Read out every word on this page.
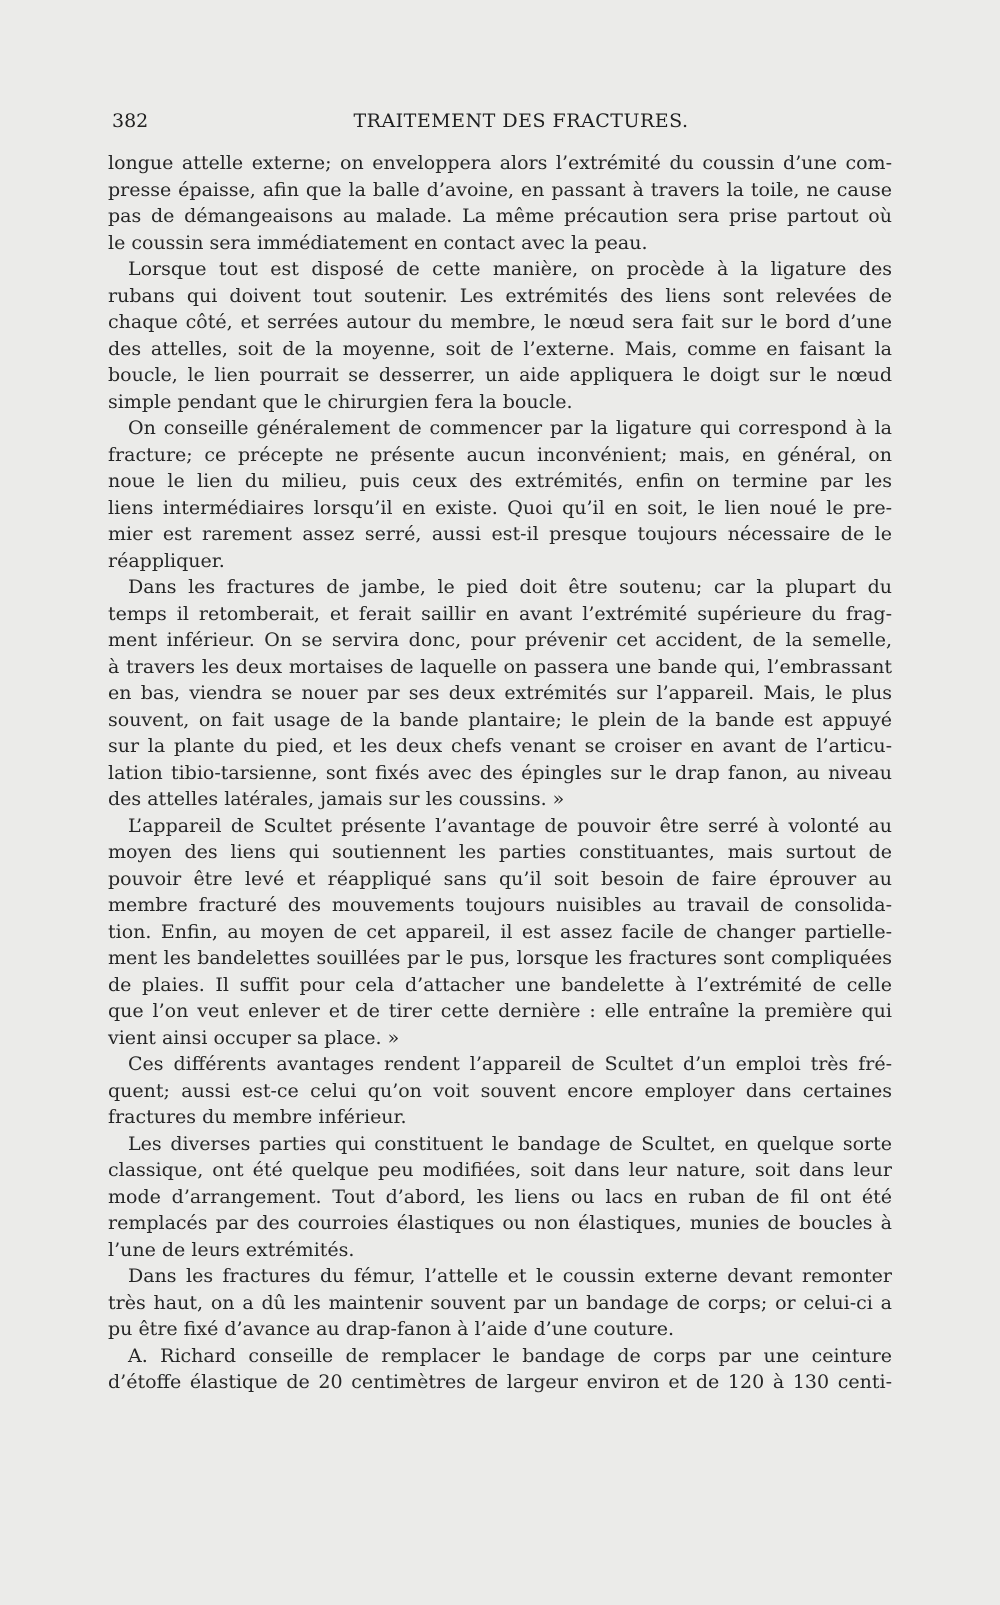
382	TRAITEMENT DES FRACTURES.
longue attelle externe; on enveloppera alors l’extrémité du coussin d’une com-
presse épaisse, afin que la balle d’avoine, en passant à travers la toile, ne cause
pas de démangeaisons au malade. La même précaution sera prise partout où
le coussin sera immédiatement en contact avec la peau.
Lorsque tout est disposé de cette manière, on procède à la ligature des
rubans qui doivent tout soutenir. Les extrémités des liens sont relevées de
chaque côté, et serrées autour du membre, le nœud sera fait sur le bord d’une
des attelles, soit de la moyenne, soit de l’externe. Mais, comme en faisant la
boucle, le lien pourrait se desserrer, un aide appliquera le doigt sur le nœud
simple pendant que le chirurgien fera la boucle.
On conseille généralement de commencer par la ligature qui correspond à la
fracture; ce précepte ne présente aucun inconvénient; mais, en général, on
noue le lien du milieu, puis ceux des extrémités, enfin on termine par les
liens intermédiaires lorsqu’il en existe. Quoi qu’il en soit, le lien noué le pre-
mier est rarement assez serré, aussi est-il presque toujours nécessaire de le
réappliquer.
Dans les fractures de jambe, le pied doit être soutenu; car la plupart du
temps il retomberait, et ferait saillir en avant l’extrémité supérieure du frag-
ment inférieur. On se servira donc, pour prévenir cet accident, de la semelle,
à travers les deux mortaises de laquelle on passera une bande qui, l’embrassant
en bas, viendra se nouer par ses deux extrémités sur l’appareil. Mais, le plus
souvent, on fait usage de la bande plantaire; le plein de la bande est appuyé
sur la plante du pied, et les deux chefs venant se croiser en avant de l’articu-
lation tibio-tarsienne, sont fixés avec des épingles sur le drap fanon, au niveau
des attelles latérales, jamais sur les coussins. »
L’appareil de Scultet présente l’avantage de pouvoir être serré à volonté au
moyen des liens qui soutiennent les parties constituantes, mais surtout de
pouvoir être levé et réappliqué sans qu’il soit besoin de faire éprouver au
membre fracturé des mouvements toujours nuisibles au travail de consolida-
tion. Enfin, au moyen de cet appareil, il est assez facile de changer partielle-
ment les bandelettes souillées par le pus, lorsque les fractures sont compliquées
de plaies. Il suffit pour cela d’attacher une bandelette à l’extrémité de celle
que l’on veut enlever et de tirer cette dernière : elle entraîne la première qui
vient ainsi occuper sa place. »
Ces différents avantages rendent l’appareil de Scultet d’un emploi très fré-
quent; aussi est-ce celui qu’on voit souvent encore employer dans certaines
fractures du membre inférieur.
Les diverses parties qui constituent le bandage de Scultet, en quelque sorte
classique, ont été quelque peu modifiées, soit dans leur nature, soit dans leur
mode d’arrangement. Tout d’abord, les liens ou lacs en ruban de fil ont été
remplacés par des courroies élastiques ou non élastiques, munies de boucles à
l’une de leurs extrémités.
Dans les fractures du fémur, l’attelle et le coussin externe devant remonter
très haut, on a dû les maintenir souvent par un bandage de corps; or celui-ci a
pu être fixé d’avance au drap-fanon à l’aide d’une couture.
A. Richard conseille de remplacer le bandage de corps par une ceinture
d’étoffe élastique de 20 centimètres de largeur environ et de 120 à 130 centi-
